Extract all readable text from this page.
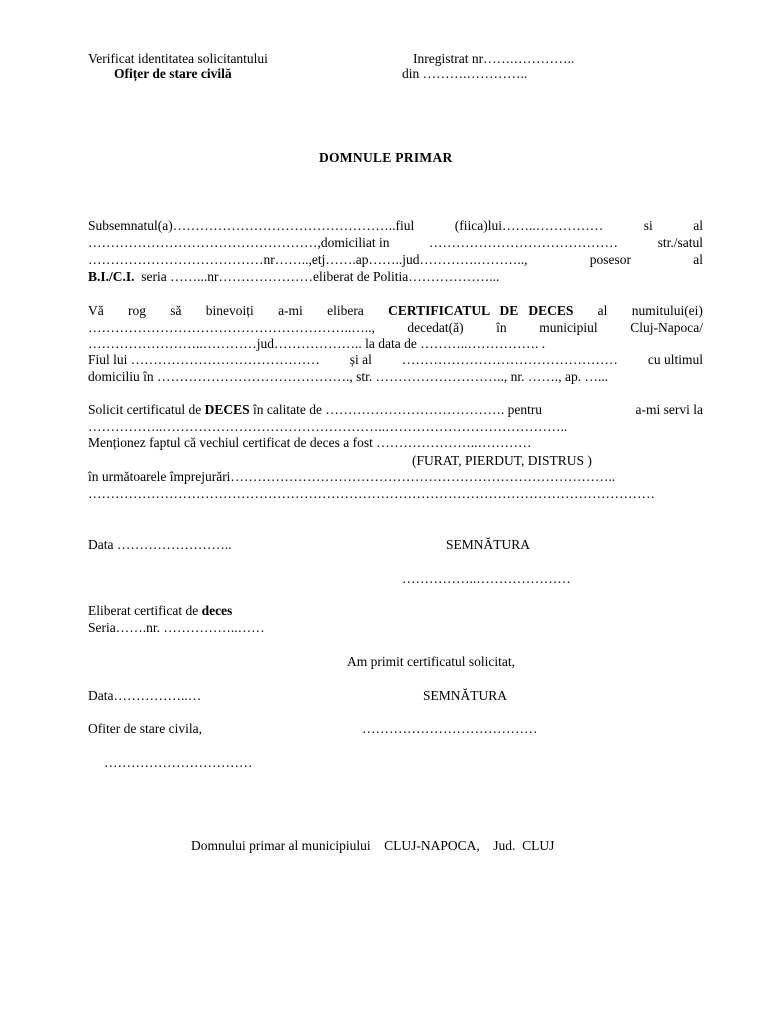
Verificat identitatea solicitantului
Ofițer de stare civilă
Inregistrat nr…….…………..
din ……….…………..
DOMNULE PRIMAR
Subsemnatul(a)…………………………………………..fiul	(fiica)lui……..……………	si	al
……………………………………………,domiciliat in	……………………………………	str./satul
…………………………………nr……..,etj…….ap……..jud………….………..,	posesor	al
B.I./C.I.  seria ……...nr…………………eliberat de Politia………………...
Vă rog să binevoiți a-mi elibera CERTIFICATUL   DE   DECES al numitului(ei)
…………………………………………………..….., decedat(ă) în municipiul Cluj-Napoca/
……………………..…………jud……………….. la data de ………..……………. .
Fiul lui …………………………………… și al ………………………………………… cu ultimul
domiciliu în ……………………………………., str. ……………………….., nr. ……., ap. …...
Solicit certificatul de DECES în calitate de …………………………………. pentru	a-mi servi la
……………..…………………………………………..…………………………………..
Menționez faptul că vechiul certificat de deces a fost …………………..…………
(FURAT, PIERDUT, DISTRUS )
în următoarele împrejurări…………………………………………………………………………..
………………………………………………………………………………………………………………
Data ……………………..	SEMNĂTURA
……………..…………………
Eliberat certificat de deces
Seria…….nr. ……………..……
Am primit certificatul solicitat,
Data……………..…	SEMNĂTURA
Ofiter de stare civila,	…………………………………
……………………………
Domnului primar al municipiului    CLUJ-NAPOCA,    Jud.  CLUJ
